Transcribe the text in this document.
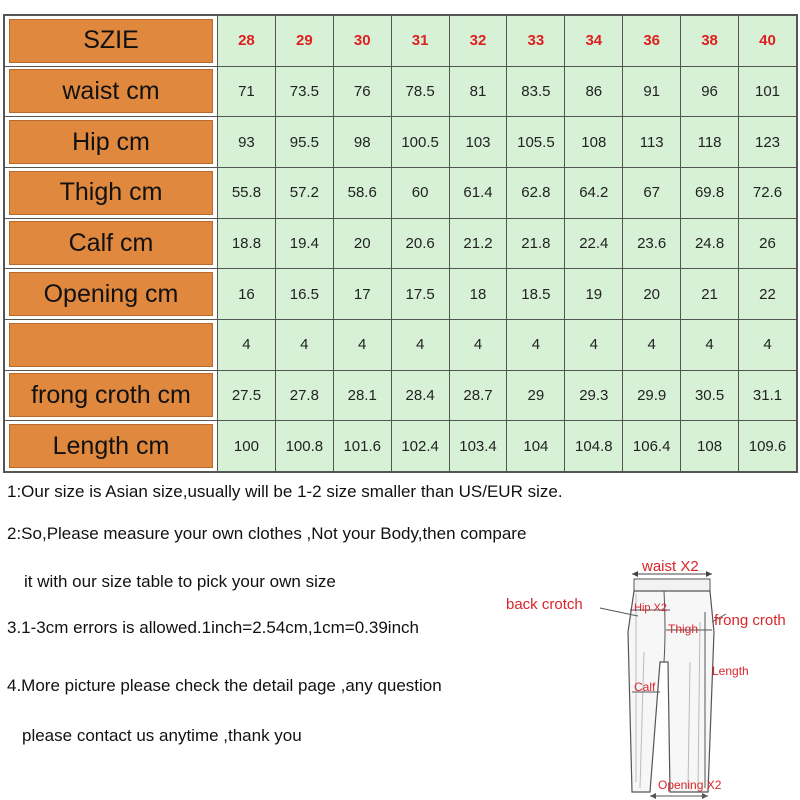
SZIE	28	29	30	31	32	33	34	36	38	40

waist cm	71	73.5	76	78.5	81	83.5	86	91	96	101

Hip cm	93	95.5	98	100.5	103	105.5	108	113	118	123

Thigh cm	55.8	57.2	58.6	60	61.4	62.8	64.2	67	69.8	72.6

Calf cm	18.8	19.4	20	20.6	21.2	21.8	22.4	23.6	24.8	26

Opening cm	16	16.5	17	17.5	18	18.5	19	20	21	22

	4	4	4	4	4	4	4	4	4	4

frong croth cm	27.5	27.8	28.1	28.4	28.7	29	29.3	29.9	30.5	31.1

Length cm	100	100.8	101.6	102.4	103.4	104	104.8	106.4	108	109.6
1:Our size is Asian size,usually will be 1-2 size smaller than US/EUR size.
2:So,Please measure your own clothes ,Not your Body,then compare
it with our size table to pick your own size
3.1-3cm errors is allowed.1inch=2.54cm,1cm=0.39inch
4.More picture please check the detail page ,any question
please contact us anytime ,thank you
waist X2
back crotch	Hip X2
Thigh frong croth
Length
Calf
Opening X2
